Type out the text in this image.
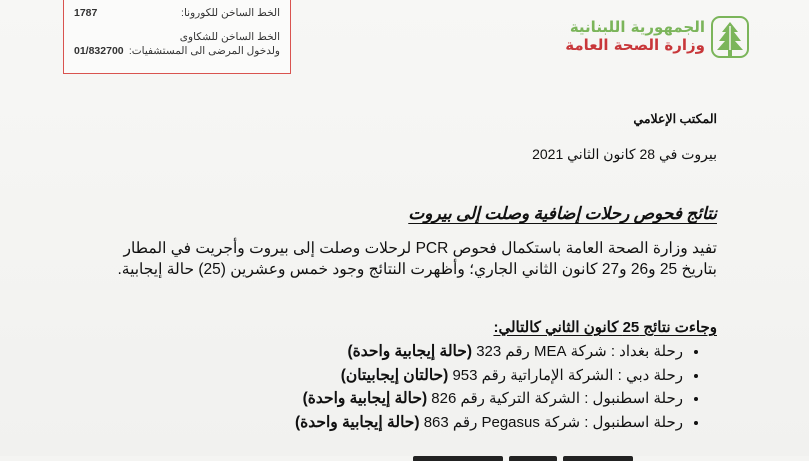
الخط الساخن للكورونا:
1787
الخط الساخن للشكاوى
ولدخول المرضى الى المستشفيات:
01/832700
الجمهورية اللبنانية
وزارة الصحة العامة
المكتب الإعلامي
بيروت في 28 كانون الثاني 2021
نتائج فحوص رحلات إضافية وصلت إلى بيروت
تفيد وزارة الصحة العامة باستكمال فحوص PCR لرحلات وصلت إلى بيروت وأجريت في المطار بتاريخ 25 و26 و27 كانون الثاني الجاري؛ وأظهرت النتائج وجود خمس وعشرين (25) حالة إيجابية.
وجاءت نتائج 25 كانون الثاني كالتالي:
• رحلة بغداد : شركة MEA رقم 323 (حالة إيجابية واحدة)
• رحلة دبي : الشركة الإماراتية رقم 953 (حالتان إيجابيتان)
• رحلة اسطنبول : الشركة التركية رقم 826 (حالة إيجابية واحدة)
• رحلة اسطنبول : شركة Pegasus رقم 863 (حالة إيجابية واحدة)
